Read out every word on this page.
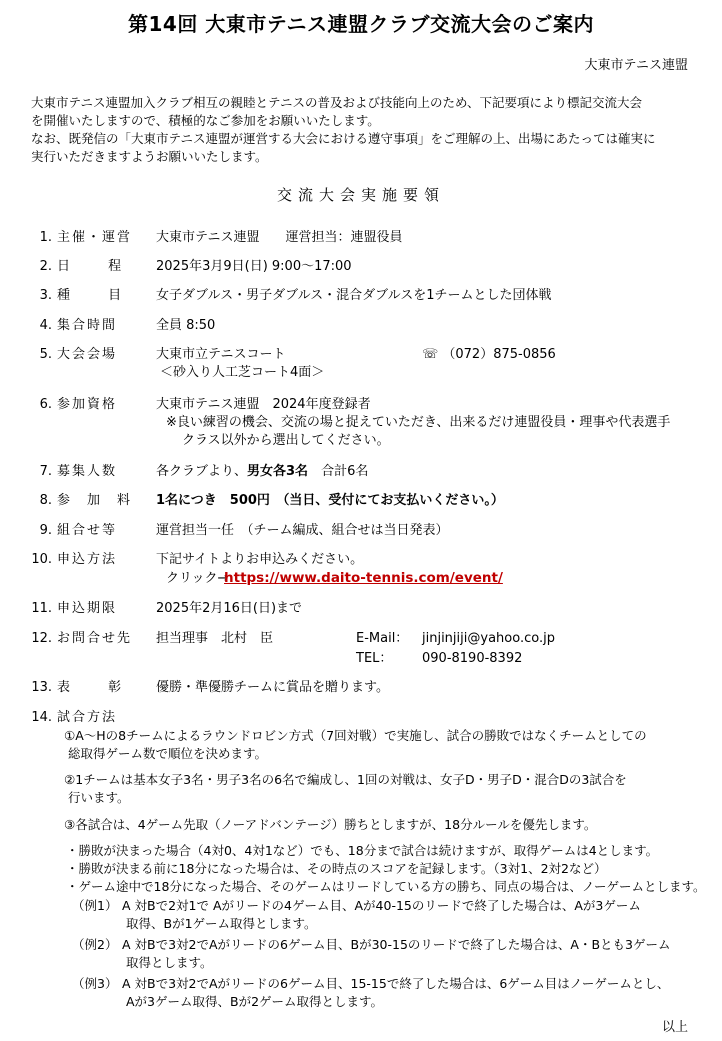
第14回 大東市テニス連盟クラブ交流大会のご案内
大東市テニス連盟
大東市テニス連盟加入クラブ相互の親睦とテニスの普及および技能向上のため、下記要項により標記交流大会
を開催いたしますので、積極的なご参加をお願いいたします。
なお、既発信の「大東市テニス連盟が運営する大会における遵守事項」をご理解の上、出場にあたっては確実に
実行いただきますようお願いいたします。
交流大会実施要領
1. 主催・運営 大東市テニス連盟　　運営担当：連盟役員
2. 日　　 程	2025年3月9日(日) 9:00～17:00
3. 種　　 目	女子ダブルス・男子ダブルス・混合ダブルスを1チームとした団体戦
4. 集合時間	全員 8:50
5. 大会会場	大東市立テニスコート	☏ （072）875-0856
＜砂入り人工芝コート4面＞
6. 参加資格	大東市テニス連盟　2024年度登録者
※良い練習の機会、交流の場と捉えていただき、出来るだけ連盟役員・理事や代表選手
クラス以外から選出してください。
7. 募集人数	各クラブより、男女各3名　合計6名
8. 参　加　料 1名につき　500円　（当日、受付にてお支払いください。）
9. 組合せ等	運営担当一任　（チーム編成、組合せは当日発表）
10. 申込方法	下記サイトよりお申込みください。
クリック→
https://www.daito-tennis.com/event/
11. 申込期限	2025年2月16日(日)まで
12. お問合せ先 担当理事　北村　臣	E-Mail： jinjinjiji@yahoo.co.jp
TEL： 090-8190-8392
13. 表　　 彰	優勝・準優勝チームに賞品を贈ります。
14. 試合方法
①A～Hの8チームによるラウンドロビン方式（7回対戦）で実施し、試合の勝敗ではなくチームとしての
総取得ゲーム数で順位を決めます。
②1チームは基本女子3名・男子3名の6名で編成し、1回の対戦は、女子D・男子D・混合Dの3試合を
行います。
③各試合は、4ゲーム先取（ノーアドバンテージ）勝ちとしますが、18分ルールを優先します。
・勝敗が決まった場合（4対0、4対1など）でも、18分まで試合は続けますが、取得ゲームは4とします。
・勝敗が決まる前に18分になった場合は、その時点のスコアを記録します。（3対1、2対2など）
・ゲーム途中で18分になった場合、そのゲームはリードしている方の勝ち、同点の場合は、ノーゲームとします。
（例1） A 対Bで2対1で Aがリードの4ゲーム目、Aが40-15のリードで終了した場合は、Aが3ゲーム
取得、Bが1ゲーム取得とします。
（例2） A 対Bで3対2でAがリードの6ゲーム目、Bが30-15のリードで終了した場合は、A・Bとも3ゲーム
取得とします。
（例3） A 対Bで3対2でAがリードの6ゲーム目、15-15で終了した場合は、6ゲーム目はノーゲームとし、
Aが3ゲーム取得、Bが2ゲーム取得とします。
以上
